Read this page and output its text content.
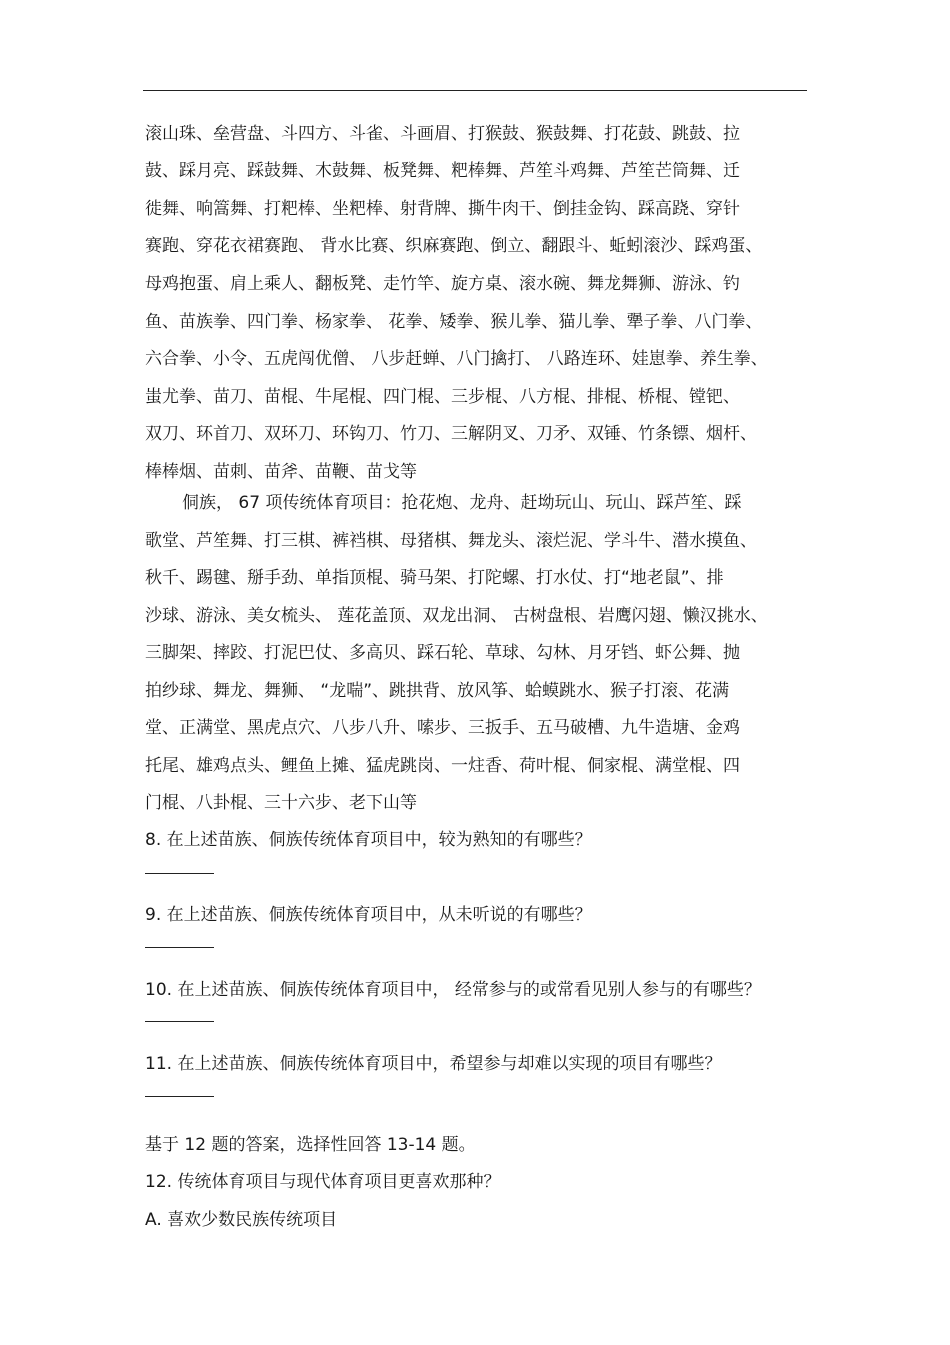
滚山珠、垒营盘、斗四方、斗雀、斗画眉、打猴鼓、猴鼓舞、打花鼓、跳鼓、拉
鼓、踩月亮、踩鼓舞、木鼓舞、板凳舞、粑棒舞、芦笙斗鸡舞、芦笙芒筒舞、迁
徙舞、响篙舞、打粑棒、坐粑棒、射背牌、撕牛肉干、倒挂金钩、踩高跷、穿针
赛跑、穿花衣裙赛跑、 背水比赛、织麻赛跑、倒立、翻跟斗、蚯蚓滚沙、踩鸡蛋、
母鸡抱蛋、肩上乘人、翻板凳、走竹竿、旋方桌、滚水碗、舞龙舞狮、游泳、钓
鱼、苗族拳、四门拳、杨家拳、 花拳、矮拳、猴儿拳、猫儿拳、犟子拳、八门拳、
六合拳、小令、五虎闯优僧、 八步赶蝉、八门擒打、 八路连环、娃崽拳、养生拳、
蚩尤拳、苗刀、苗棍、牛尾棍、四门棍、三步棍、八方棍、排棍、桥棍、镗钯、
双刀、环首刀、双环刀、环钩刀、竹刀、三解阴叉、刀矛、双锤、竹条镖、烟杆、
棒棒烟、苗刺、苗斧、苗鞭、苗戈等
侗族， 67 项传统体育项目：抢花炮、龙舟、赶坳玩山、玩山、踩芦笙、踩
歌堂、芦笙舞、打三棋、裤裆棋、母猪棋、舞龙头、滚烂泥、学斗牛、潜水摸鱼、
秋千、踢毽、掰手劲、单指顶棍、骑马架、打陀螺、打水仗、打“地老鼠”、排
沙球、游泳、美女梳头、 莲花盖顶、双龙出洞、 古树盘根、岩鹰闪翅、懒汉挑水、
三脚架、摔跤、打泥巴仗、多高贝、踩石轮、草球、勾林、月牙铛、虾公舞、抛
拍纱球、舞龙、舞狮、 “龙喘”、跳拱背、放风筝、蛤蟆跳水、猴子打滚、花满
堂、正满堂、黑虎点穴、八步八升、嗦步、三扳手、五马破槽、九牛造塘、金鸡
托尾、雄鸡点头、鲤鱼上摊、猛虎跳岗、一炷香、荷叶棍、侗家棍、满堂棍、四
门棍、八卦棍、三十六步、老下山等
8. 在上述苗族、侗族传统体育项目中，较为熟知的有哪些？
9. 在上述苗族、侗族传统体育项目中，从未听说的有哪些？
10. 在上述苗族、侗族传统体育项目中， 经常参与的或常看见别人参与的有哪些？
11. 在上述苗族、侗族传统体育项目中，希望参与却难以实现的项目有哪些？
基于 12 题的答案，选择性回答 13-14 题。
12. 传统体育项目与现代体育项目更喜欢那种？
A. 喜欢少数民族传统项目
